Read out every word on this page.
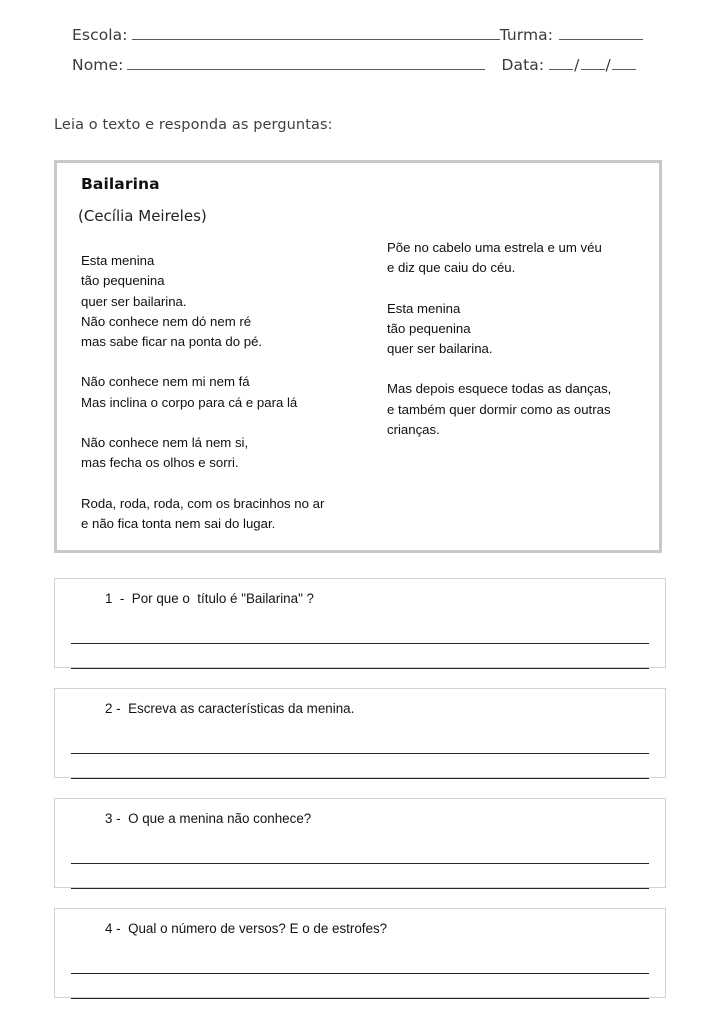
Escola:	Turma:
Nome:	Data: / /
Leia o texto e responda as perguntas:
Bailarina
(Cecília Meireles)
Esta menina
tão pequenina
quer ser bailarina.
Não conhece nem dó nem ré
mas sabe ficar na ponta do pé.
Não conhece nem mi nem fá
Mas inclina o corpo para cá e para lá
Não conhece nem lá nem si,
mas fecha os olhos e sorri.
Roda, roda, roda, com os bracinhos no ar
e não fica tonta nem sai do lugar.
Põe no cabelo uma estrela e um véu
e diz que caiu do céu.
Esta menina
tão pequenina
quer ser bailarina.
Mas depois esquece todas as danças,
e também quer dormir como as outras
crianças.
1  -  Por que o  título é "Bailarina" ?
2 -  Escreva as características da menina.
3 -  O que a menina não conhece?
4 -  Qual o número de versos? E o de estrofes?
